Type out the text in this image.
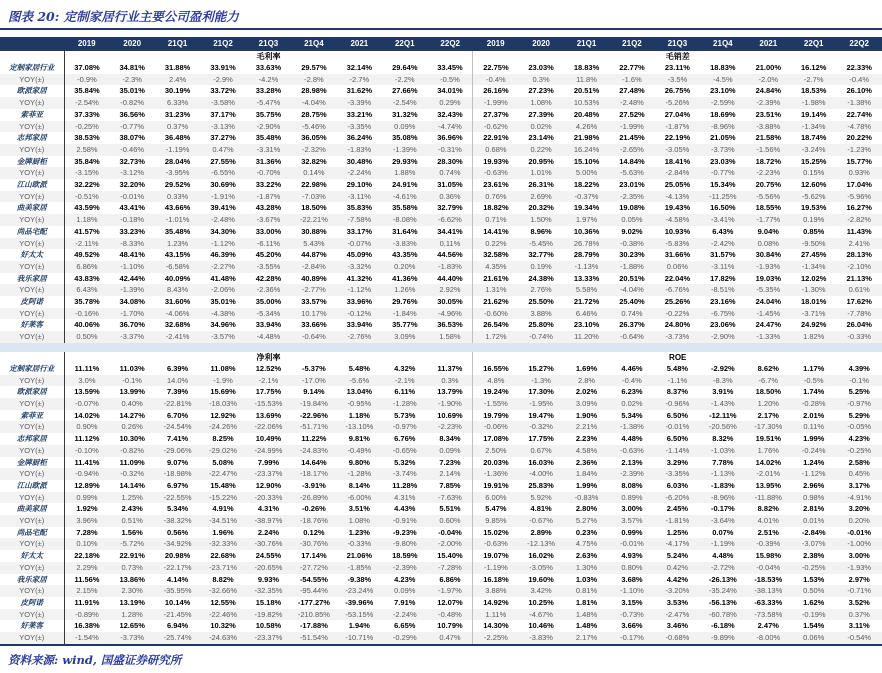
图表 20: 定制家居行业主要公司盈利能力
	2019	2020	21Q1	21Q2	21Q3	21Q4	2021	22Q1	22Q2	2019	2020	21Q1	21Q2	21Q3	21Q4	2021	22Q1	22Q2
	毛利率									毛销差								
定制家居行业	37.08%	34.81%	31.88%	33.91%	33.63%	29.57%	32.14%	29.64%	33.45%	22.75%	23.03%	18.83%	22.77%	23.11%	18.83%	21.00%	16.12%	22.33%
YOY(±)	-0.9%	-2.3%	2.4%	-2.9%	-4.2%	-2.8%	-2.7%	-2.2%	-0.5%	-0.4%	0.3%	11.8%	-1.6%	-3.5%	-4.5%	-2.0%	-2.7%	-0.4%
欧派家居	35.84%	35.01%	30.19%	33.72%	33.28%	28.98%	31.62%	27.66%	34.01%	26.16%	27.23%	20.51%	27.48%	26.75%	23.10%	24.84%	18.53%	26.10%
YOY(±)	-2.54%	-0.82%	6.33%	-3.58%	-5.47%	-4.04%	-3.39%	-2.54%	0.29%	-1.99%	1.08%	10.53%	-2.48%	-5.26%	-2.59%	-2.39%	-1.98%	-1.38%
索菲亚	37.33%	36.56%	31.23%	37.17%	35.75%	28.75%	33.21%	31.32%	32.43%	27.37%	27.39%	20.48%	27.52%	27.04%	18.69%	23.51%	19.14%	22.74%
YOY(±)	-0.25%	-0.77%	0.37%	-3.13%	-2.90%	-5.46%	-3.35%	0.09%	-4.74%	-0.62%	0.02%	4.26%	-1.99%	-1.87%	-8.96%	-3.88%	-1.34%	-4.78%
志邦家居	38.53%	38.07%	36.48%	37.27%	35.48%	36.05%	36.24%	35.08%	36.96%	22.91%	23.14%	21.98%	21.45%	22.19%	21.05%	21.58%	18.74%	20.22%
YOY(±)	2.58%	-0.46%	-1.19%	0.47%	-3.31%	-2.32%	-1.83%	-1.39%	-0.31%	0.68%	0.22%	16.24%	-2.65%	-3.05%	-3.73%	-1.56%	-3.24%	-1.23%
金牌厨柜	35.84%	32.73%	28.04%	27.55%	31.36%	32.82%	30.48%	29.93%	28.30%	19.93%	20.95%	15.10%	14.84%	18.41%	23.03%	18.72%	15.25%	15.77%
YOY(±)	-3.15%	-3.12%	-3.95%	-6.55%	-0.70%	0.14%	-2.24%	1.88%	0.74%	-0.63%	1.01%	5.00%	-5.63%	-2.84%	-0.77%	-2.23%	0.15%	0.93%
江山欧派	32.22%	32.20%	29.52%	30.69%	33.22%	22.98%	29.10%	24.91%	31.05%	23.61%	26.31%	18.22%	23.01%	25.05%	15.34%	20.75%	12.60%	17.04%
YOY(±)	-0.51%	-0.01%	0.33%	-1.91%	-1.87%	-7.03%	-3.11%	-4.61%	0.36%	0.76%	2.69%	-0.37%	-2.35%	-4.13%	-11.25%	-5.56%	-5.62%	-5.96%
曲美家居	43.59%	43.41%	43.66%	39.41%	43.28%	18.50%	35.83%	35.58%	32.79%	18.82%	20.32%	19.34%	19.08%	19.43%	16.50%	18.55%	19.53%	16.27%
YOY(±)	1.18%	-0.18%	-1.01%	-2.48%	-3.67%	-22.21%	-7.58%	-8.08%	-6.62%	0.71%	1.50%	1.97%	0.05%	-4.58%	-3.41%	-1.77%	0.19%	-2.82%
尚品宅配	41.57%	33.23%	35.48%	34.30%	33.00%	30.88%	33.17%	31.64%	34.41%	14.41%	8.96%	10.36%	9.02%	10.93%	6.43%	9.04%	0.85%	11.43%
YOY(±)	-2.11%	-8.33%	1.23%	-1.12%	-6.11%	5.43%	-0.07%	-3.83%	0.11%	0.22%	-5.45%	26.78%	-0.38%	-5.83%	-2.42%	0.08%	-9.50%	2.41%
好太太	49.52%	48.41%	43.15%	46.39%	45.20%	44.87%	45.09%	43.35%	44.56%	32.58%	32.77%	28.79%	30.23%	31.66%	31.57%	30.84%	27.45%	28.13%
YOY(±)	6.86%	-1.10%	-6.58%	-2.27%	-3.55%	-2.84%	-3.32%	0.20%	-1.83%	4.35%	0.19%	-1.13%	-1.88%	0.06%	-3.11%	-1.93%	-1.34%	-2.10%
我乐家居	43.83%	42.44%	40.09%	41.48%	42.28%	40.89%	41.32%	41.36%	44.40%	21.61%	24.38%	13.33%	20.51%	22.04%	17.82%	19.03%	12.02%	21.13%
YOY(±)	6.43%	-1.39%	8.43%	-2.06%	-2.36%	-2.77%	-1.12%	1.26%	2.92%	1.31%	2.76%	5.58%	-4.04%	-6.76%	-8.51%	-5.35%	-1.30%	0.61%
皮阿诺	35.78%	34.08%	31.60%	35.01%	35.00%	33.57%	33.96%	29.76%	30.05%	21.62%	25.50%	21.72%	25.40%	25.26%	23.16%	24.04%	18.01%	17.62%
YOY(±)	-0.16%	-1.70%	-4.06%	-4.38%	-5.34%	10.17%	-0.12%	-1.84%	-4.96%	-0.60%	3.88%	6.46%	0.74%	-0.22%	-6.75%	-1.45%	-3.71%	-7.78%
好莱客	40.06%	36.70%	32.68%	34.96%	33.94%	33.66%	33.94%	35.77%	36.53%	26.54%	25.80%	23.10%	26.37%	24.80%	23.06%	24.47%	24.92%	26.04%
YOY(±)	0.50%	-3.37%	-2.41%	-3.57%	-4.48%	-0.64%	-2.76%	3.09%	1.58%	1.72%	-0.74%	11.20%	-0.64%	-3.73%	-2.90%	-1.33%	1.82%	-0.33%

	净利率									ROE								
定制家居行业	11.11%	11.03%	6.39%	11.08%	12.52%	-5.37%	5.48%	4.32%	11.37%	16.55%	15.27%	1.69%	4.46%	5.48%	-2.92%	8.62%	1.17%	4.39%
YOY(±)	3.0%	-0.1%	14.0%	-1.9%	-2.1%	-17.0%	-5.6%	-2.1%	0.3%	4.8%	-1.3%	2.8%	-0.4%	-1.1%	-8.3%	-6.7%	-0.5%	-0.1%
欧派家居	13.59%	13.99%	7.39%	15.69%	17.75%	9.14%	13.04%	6.11%	13.79%	19.24%	17.30%	2.02%	6.23%	8.37%	3.91%	18.50%	1.74%	5.25%
YOY(±)	-0.07%	0.40%	-22.81%	-18.03%	-15.53%	-19.84%	-0.95%	-1.28%	-1.90%	-1.55%	-1.95%	3.09%	0.02%	-0.96%	-1.43%	1.20%	-0.28%	-0.97%
索菲亚	14.02%	14.27%	6.70%	12.92%	13.69%	-22.96%	1.18%	5.73%	10.69%	19.79%	19.47%	1.90%	5.34%	6.50%	-12.11%	2.17%	2.01%	5.29%
YOY(±)	0.90%	0.26%	-24.54%	-24.26%	-22.06%	-51.71%	-13.10%	-0.97%	-2.23%	-0.06%	-0.32%	2.21%	-1.38%	-0.01%	-20.56%	-17.30%	0.11%	-0.05%
志邦家居	11.12%	10.30%	7.41%	8.25%	10.49%	11.22%	9.81%	6.76%	8.34%	17.08%	17.75%	2.23%	4.48%	6.50%	8.32%	19.51%	1.99%	4.23%
YOY(±)	-0.10%	-0.82%	-29.06%	-29.02%	-24.99%	-24.83%	-0.49%	-0.65%	0.09%	2.50%	0.67%	4.58%	-0.63%	-1.14%	-1.03%	1.76%	-0.24%	-0.25%
金牌厨柜	11.41%	11.09%	9.07%	5.08%	7.99%	14.64%	9.80%	5.32%	7.23%	20.03%	16.03%	2.36%	2.13%	3.29%	7.78%	14.02%	1.24%	2.58%
YOY(±)	-0.94%	-0.32%	-18.98%	-22.47%	-23.37%	-18.17%	-1.28%	-3.74%	2.14%	-1.36%	-4.00%	1.84%	-2.39%	-3.35%	-1.13%	-2.01%	-1.12%	0.45%
江山欧派	12.89%	14.14%	6.97%	15.48%	12.90%	-3.91%	8.14%	11.28%	7.85%	19.91%	25.83%	1.99%	8.08%	6.03%	-1.83%	13.95%	2.96%	3.17%
YOY(±)	0.99%	1.25%	-22.55%	-15.22%	-20.33%	-26.89%	-6.00%	4.31%	-7.63%	6.00%	5.92%	-0.83%	0.89%	-6.20%	-8.96%	-11.88%	0.98%	-4.91%
曲美家居	1.92%	2.43%	5.34%	4.91%	4.31%	-0.26%	3.51%	4.43%	5.51%	5.47%	4.81%	2.80%	3.00%	2.45%	-0.17%	8.82%	2.81%	3.20%
YOY(±)	3.96%	0.51%	-38.32%	-34.51%	-38.97%	-18.76%	1.08%	-0.91%	0.60%	9.85%	-0.67%	5.27%	3.57%	-1.81%	-3.64%	4.01%	0.01%	0.20%
尚品宅配	7.28%	1.56%	0.56%	1.96%	2.24%	0.12%	1.23%	-9.23%	-0.04%	15.02%	2.89%	0.23%	0.99%	1.25%	0.07%	2.51%	-2.84%	-0.01%
YOY(±)	0.10%	-5.72%	-34.92%	-32.33%	-30.76%	-30.76%	-0.33%	-9.80%	-2.00%	-0.63%	-12.13%	4.75%	-0.01%	-4.17%	-1.19%	-0.39%	-3.07%	-1.00%
好太太	22.18%	22.91%	20.98%	22.68%	24.55%	17.14%	21.06%	18.59%	15.40%	19.07%	16.02%	2.63%	4.93%	5.24%	4.48%	15.98%	2.38%	3.00%
YOY(±)	2.29%	0.73%	-22.17%	-23.71%	-20.65%	-27.72%	-1.85%	-2.39%	-7.28%	-1.19%	-3.05%	1.30%	0.80%	0.42%	-2.72%	-0.04%	-0.25%	-1.93%
我乐家居	11.56%	13.86%	4.14%	8.82%	9.93%	-54.55%	-9.38%	4.23%	6.86%	16.18%	19.60%	1.03%	3.68%	4.42%	-26.13%	-18.53%	1.53%	2.97%
YOY(±)	2.15%	2.30%	-35.95%	-32.66%	-32.35%	-95.44%	-23.24%	0.09%	-1.97%	3.88%	3.42%	0.81%	-1.10%	-3.20%	-35.24%	-38.13%	0.50%	-0.71%
皮阿诺	11.91%	13.19%	10.14%	12.55%	15.18%	-177.27%	-39.96%	7.91%	12.07%	14.92%	10.25%	1.81%	3.15%	3.53%	-56.13%	-63.33%	1.62%	3.52%
YOY(±)	-0.89%	1.28%	-21.45%	-22.46%	-19.82%	-210.85%	-53.15%	-2.24%	-0.48%	1.11%	-4.67%	1.48%	-0.73%	-2.47%	-60.78%	-73.58%	-0.19%	0.37%
好莱客	16.38%	12.65%	6.94%	10.32%	10.58%	-17.88%	1.94%	6.65%	10.79%	14.30%	10.46%	1.48%	3.66%	3.46%	-6.18%	2.47%	1.54%	3.11%
YOY(±)	-1.54%	-3.73%	-25.74%	-24.63%	-23.37%	-51.54%	-10.71%	-0.29%	0.47%	-2.25%	-3.83%	2.17%	-0.17%	-0.68%	-9.89%	-8.00%	0.06%	-0.54%
资料来源: wind, 国盛证券研究所
